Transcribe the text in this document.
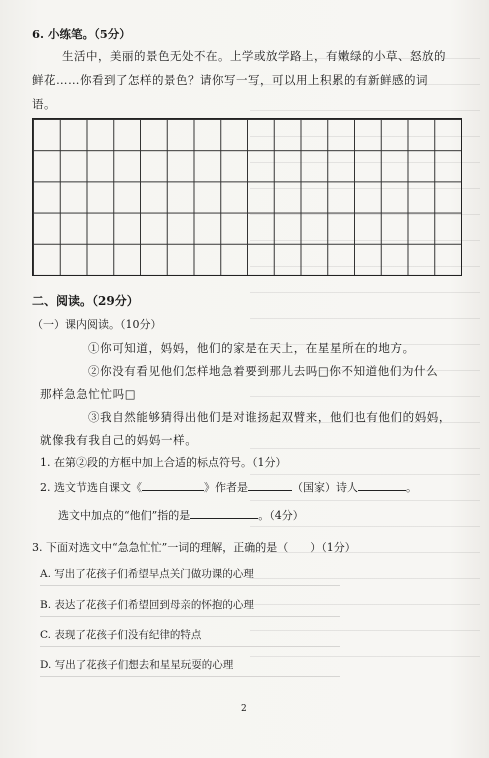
6. 小练笔。（5分）
生活中，美丽的景色无处不在。上学或放学路上，有嫩绿的小草、怒放的
鲜花……你看到了怎样的景色？请你写一写，可以用上积累的有新鲜感的词
语。
二、阅读。（29分）
（一）课内阅读。（10分）
①你可知道，妈妈，他们的家是在天上，在星星所在的地方。
②你没有看见他们怎样地急着要到那儿去吗□你不知道他们为什么
那样急急忙忙吗□
③我自然能够猜得出他们是对谁扬起双臂来，他们也有他们的妈妈，
就像我有我自己的妈妈一样。
1. 在第②段的方框中加上合适的标点符号。（1分）
2. 选文节选自课文《	》作者是	（国家）诗人	。
选文中加点的“他们”指的是	。（4分）
3. 下面对选文中“急急忙忙”一词的理解，正确的是（　　）（1分）
A. 写出了花孩子们希望早点关门做功课的心理
B. 表达了花孩子们希望回到母亲的怀抱的心理
C. 表现了花孩子们没有纪律的特点
D. 写出了花孩子们想去和星星玩耍的心理
2
